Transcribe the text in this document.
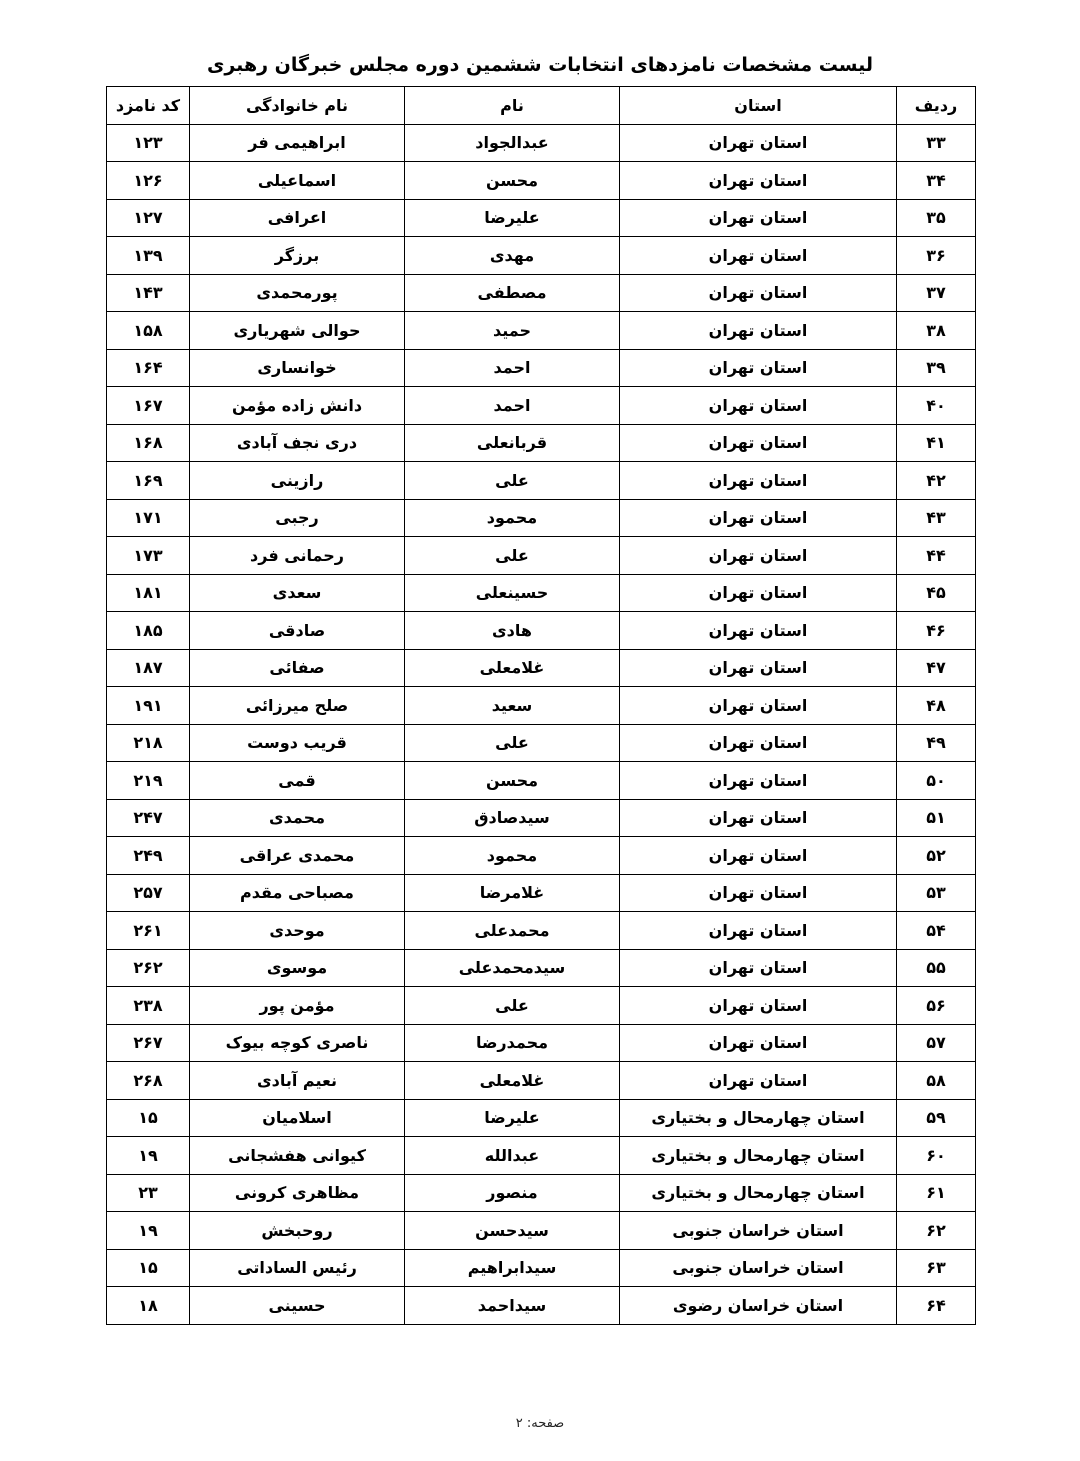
لیست مشخصات نامزدهای انتخابات ششمین دوره مجلس خبرگان رهبری
ردیف	استان	نام	نام خانوادگی	کد نامزد
۳۳	استان تهران	عبدالجواد	ابراهیمی فر	۱۲۳
۳۴	استان تهران	محسن	اسماعیلی	۱۲۶
۳۵	استان تهران	علیرضا	اعرافی	۱۲۷
۳۶	استان تهران	مهدی	برزگر	۱۳۹
۳۷	استان تهران	مصطفی	پورمحمدی	۱۴۳
۳۸	استان تهران	حمید	حوالی شهریاری	۱۵۸
۳۹	استان تهران	احمد	خوانساری	۱۶۴
۴۰	استان تهران	احمد	دانش زاده مؤمن	۱۶۷
۴۱	استان تهران	قربانعلی	دری نجف آبادی	۱۶۸
۴۲	استان تهران	علی	رازینی	۱۶۹
۴۳	استان تهران	محمود	رجبی	۱۷۱
۴۴	استان تهران	علی	رحمانی فرد	۱۷۳
۴۵	استان تهران	حسینعلی	سعدی	۱۸۱
۴۶	استان تهران	هادی	صادقی	۱۸۵
۴۷	استان تهران	غلامعلی	صفائی	۱۸۷
۴۸	استان تهران	سعید	صلح میرزائی	۱۹۱
۴۹	استان تهران	علی	قریب دوست	۲۱۸
۵۰	استان تهران	محسن	قمی	۲۱۹
۵۱	استان تهران	سیدصادق	محمدی	۲۴۷
۵۲	استان تهران	محمود	محمدی عراقی	۲۴۹
۵۳	استان تهران	غلامرضا	مصباحی مقدم	۲۵۷
۵۴	استان تهران	محمدعلی	موحدی	۲۶۱
۵۵	استان تهران	سیدمحمدعلی	موسوی	۲۶۲
۵۶	استان تهران	علی	مؤمن پور	۲۳۸
۵۷	استان تهران	محمدرضا	ناصری کوچه بیوک	۲۶۷
۵۸	استان تهران	غلامعلی	نعیم آبادی	۲۶۸
۵۹	استان چهارمحال و بختیاری	علیرضا	اسلامیان	۱۵
۶۰	استان چهارمحال و بختیاری	عبدالله	کیوانی هفشجانی	۱۹
۶۱	استان چهارمحال و بختیاری	منصور	مظاهری کرونی	۲۳
۶۲	استان خراسان جنوبی	سیدحسن	روحبخش	۱۹
۶۳	استان خراسان جنوبی	سیدابراهیم	رئیس الساداتی	۱۵
۶۴	استان خراسان رضوی	سیداحمد	حسینی	۱۸
صفحه: ۲
